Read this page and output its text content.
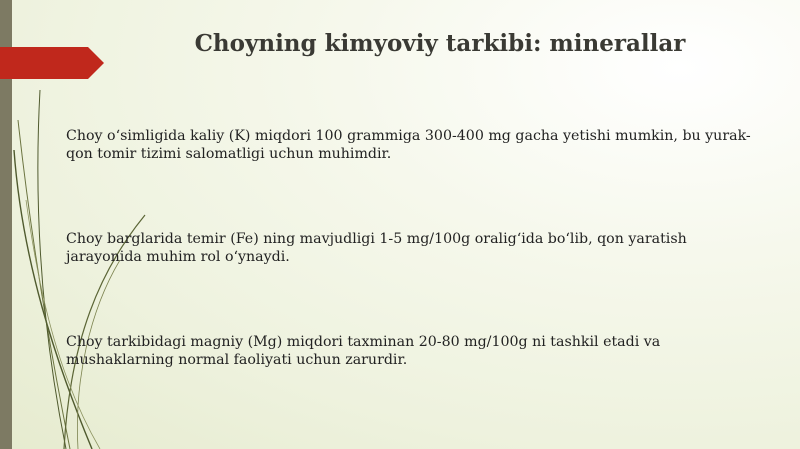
Choyning kimyoviy tarkibi: minerallar
Choy o‘simligida kaliy (K) miqdori 100 grammiga 300-400 mg gacha yetishi mumkin, bu yurak-qon tomir tizimi salomatligi uchun muhimdir.
Choy barglarida temir (Fe) ning mavjudligi 1-5 mg/100g oralig‘ida bo‘lib, qon yaratish jarayonida muhim rol o‘ynaydi.
Choy tarkibidagi magniy (Mg) miqdori taxminan 20-80 mg/100g ni tashkil etadi va mushaklarning normal faoliyati uchun zarurdir.
